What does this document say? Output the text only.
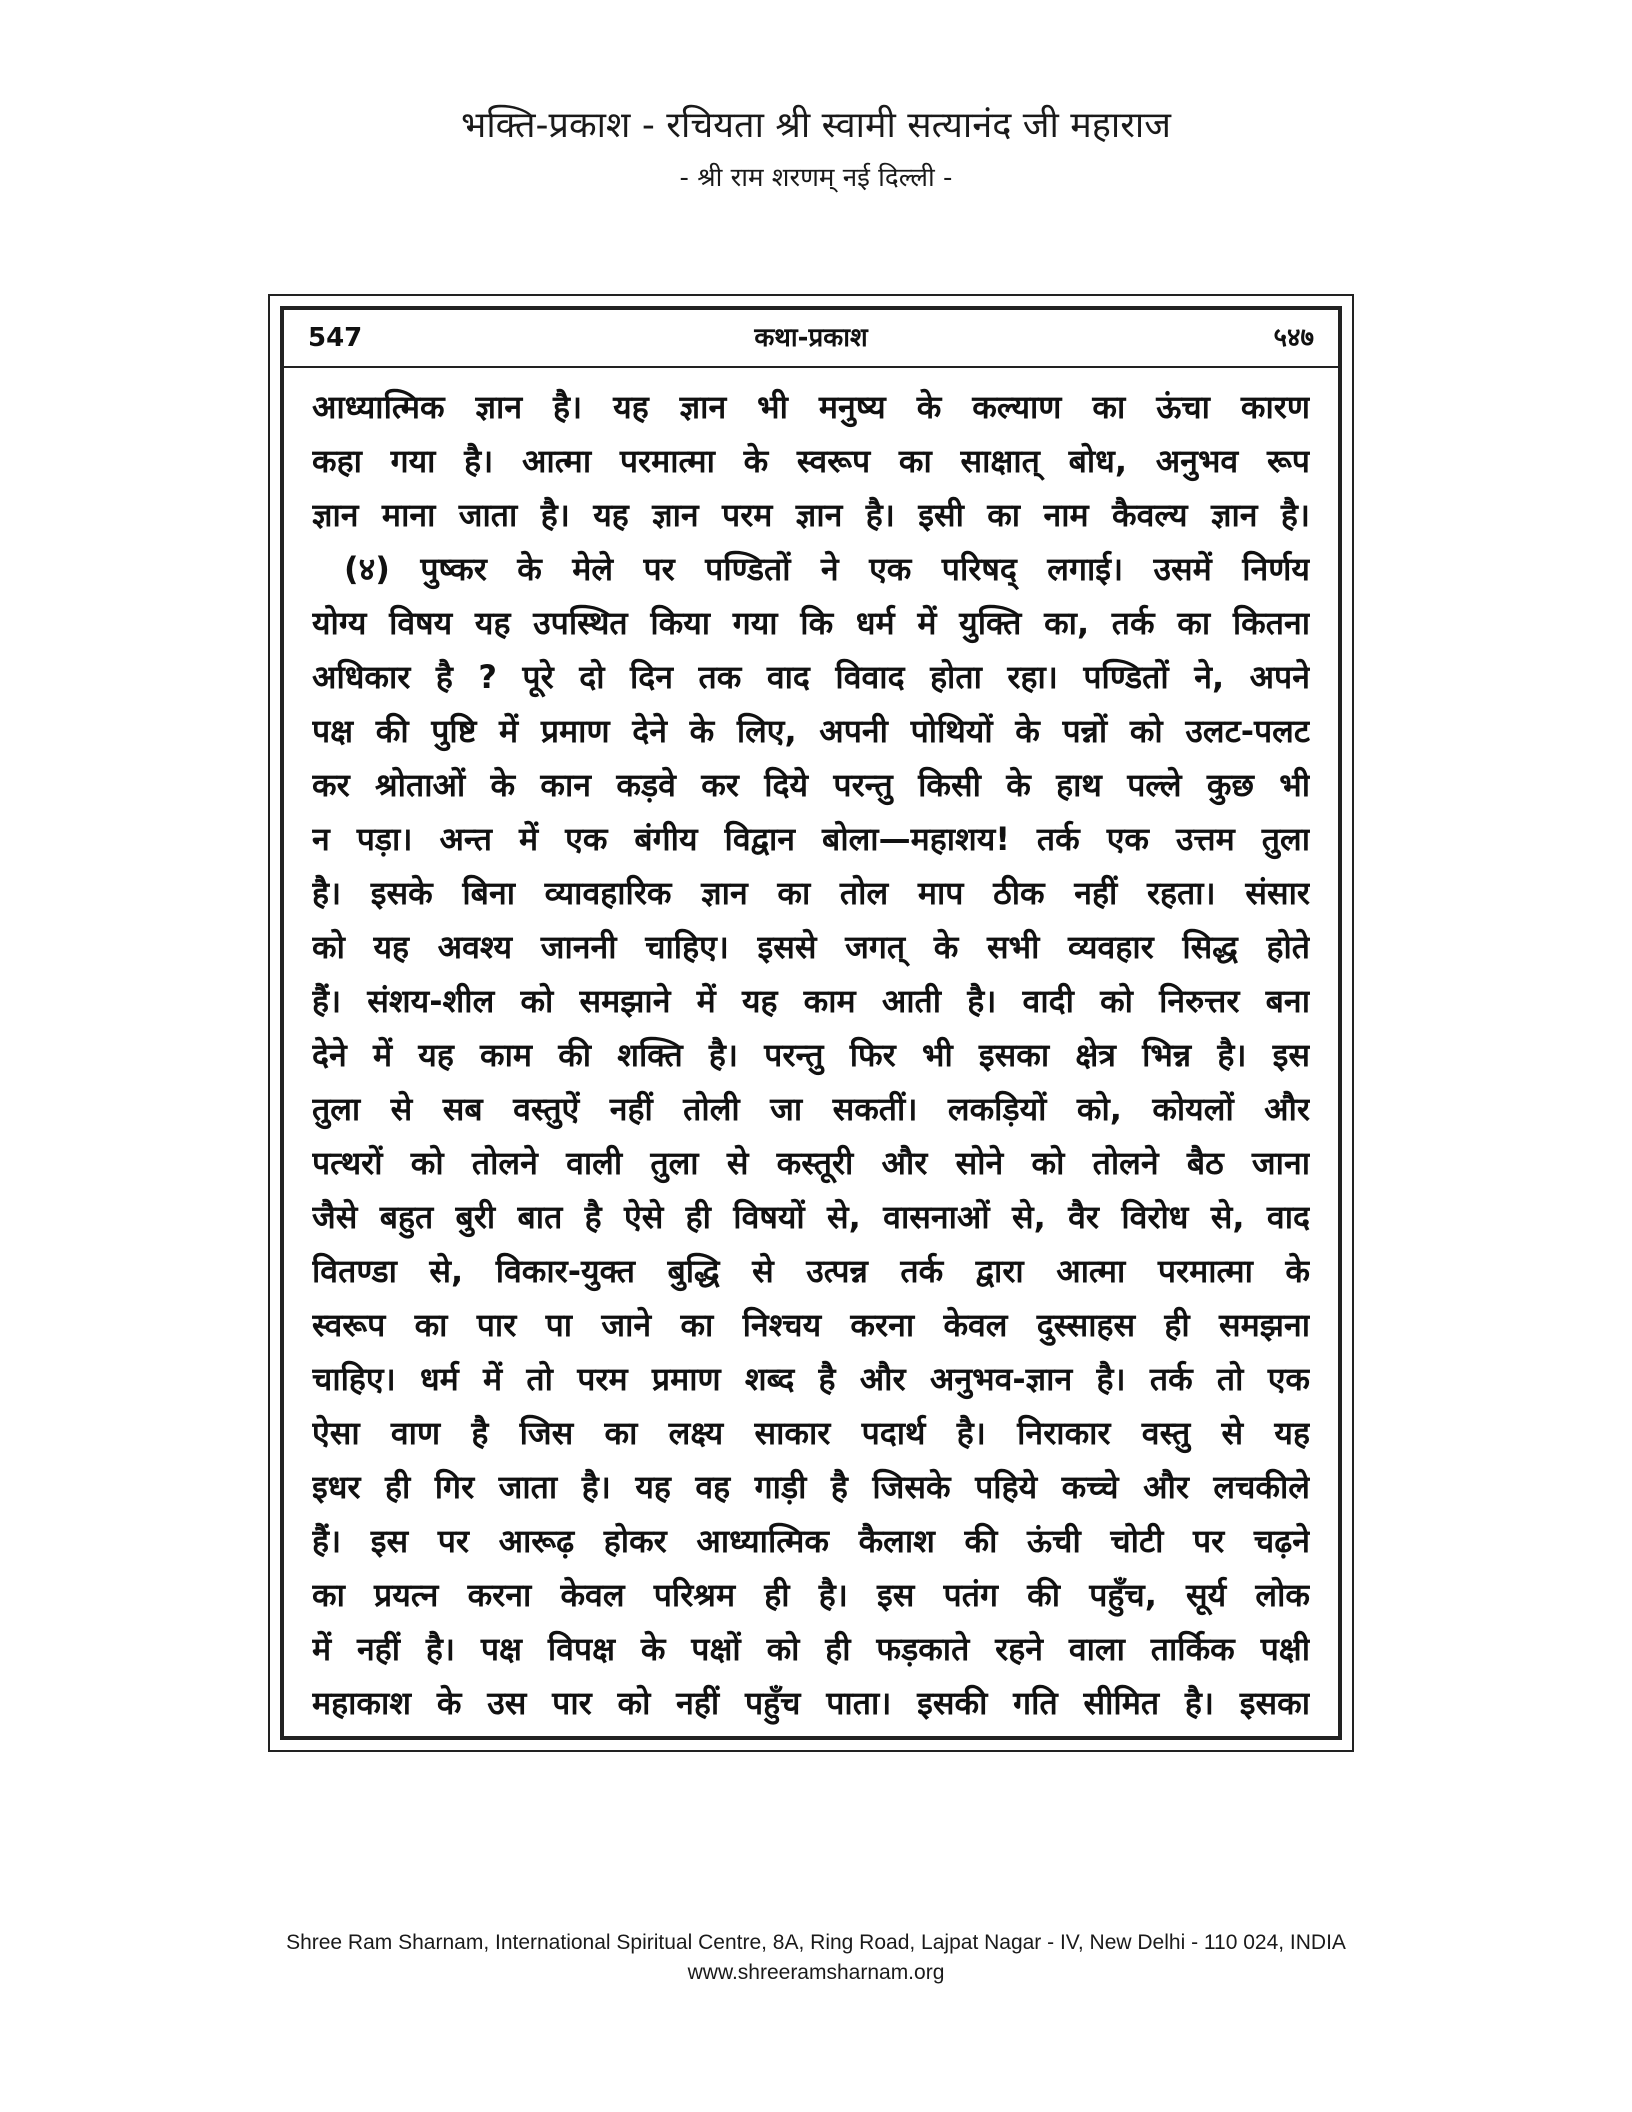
भक्ति-प्रकाश - रचियता श्री स्वामी सत्यानंद जी महाराज
- श्री राम शरणम् नई दिल्ली -
547	कथा-प्रकाश	५४७
आध्यात्मिक ज्ञान है। यह ज्ञान भी मनुष्य के कल्याण का ऊंचा कारण
कहा गया है। आत्मा परमात्मा के स्वरूप का साक्षात् बोध, अनुभव रूप
ज्ञान माना जाता है। यह ज्ञान परम ज्ञान है। इसी का नाम कैवल्य ज्ञान है।
(४) पुष्कर के मेले पर पण्डितों ने एक परिषद् लगाई। उसमें निर्णय
योग्य विषय यह उपस्थित किया गया कि धर्म में युक्ति का, तर्क का कितना
अधिकार है ? पूरे दो दिन तक वाद विवाद होता रहा। पण्डितों ने, अपने
पक्ष की पुष्टि में प्रमाण देने के लिए, अपनी पोथियों के पन्नों को उलट-पलट
कर श्रोताओं के कान कड़वे कर दिये परन्तु किसी के हाथ पल्ले कुछ भी
न पड़ा। अन्त में एक बंगीय विद्वान बोला—महाशय! तर्क एक उत्तम तुला
है। इसके बिना व्यावहारिक ज्ञान का तोल माप ठीक नहीं रहता। संसार
को यह अवश्य जाननी चाहिए। इससे जगत् के सभी व्यवहार सिद्ध होते
हैं। संशय-शील को समझाने में यह काम आती है। वादी को निरुत्तर बना
देने में यह काम की शक्ति है। परन्तु फिर भी इसका क्षेत्र भिन्न है। इस
तुला से सब वस्तुऐं नहीं तोली जा सकतीं। लकड़ियों को, कोयलों और
पत्थरों को तोलने वाली तुला से कस्तूरी और सोने को तोलने बैठ जाना
जैसे बहुत बुरी बात है ऐसे ही विषयों से, वासनाओं से, वैर विरोध से, वाद
वितण्डा से, विकार-युक्त बुद्धि से उत्पन्न तर्क द्वारा आत्मा परमात्मा के
स्वरूप का पार पा जाने का निश्चय करना केवल दुस्साहस ही समझना
चाहिए। धर्म में तो परम प्रमाण शब्द है और अनुभव-ज्ञान है। तर्क तो एक
ऐसा वाण है जिस का लक्ष्य साकार पदार्थ है। निराकार वस्तु से यह
इधर ही गिर जाता है। यह वह गाड़ी है जिसके पहिये कच्चे और लचकीले
हैं। इस पर आरूढ़ होकर आध्यात्मिक कैलाश की ऊंची चोटी पर चढ़ने
का प्रयत्न करना केवल परिश्रम ही है। इस पतंग की पहुँच, सूर्य लोक
में नहीं है। पक्ष विपक्ष के पक्षों को ही फड़काते रहने वाला तार्किक पक्षी
महाकाश के उस पार को नहीं पहुँच पाता। इसकी गति सीमित है। इसका
Shree Ram Sharnam, International Spiritual Centre, 8A, Ring Road, Lajpat Nagar - IV, New Delhi - 110 024, INDIA
www.shreeramsharnam.org
